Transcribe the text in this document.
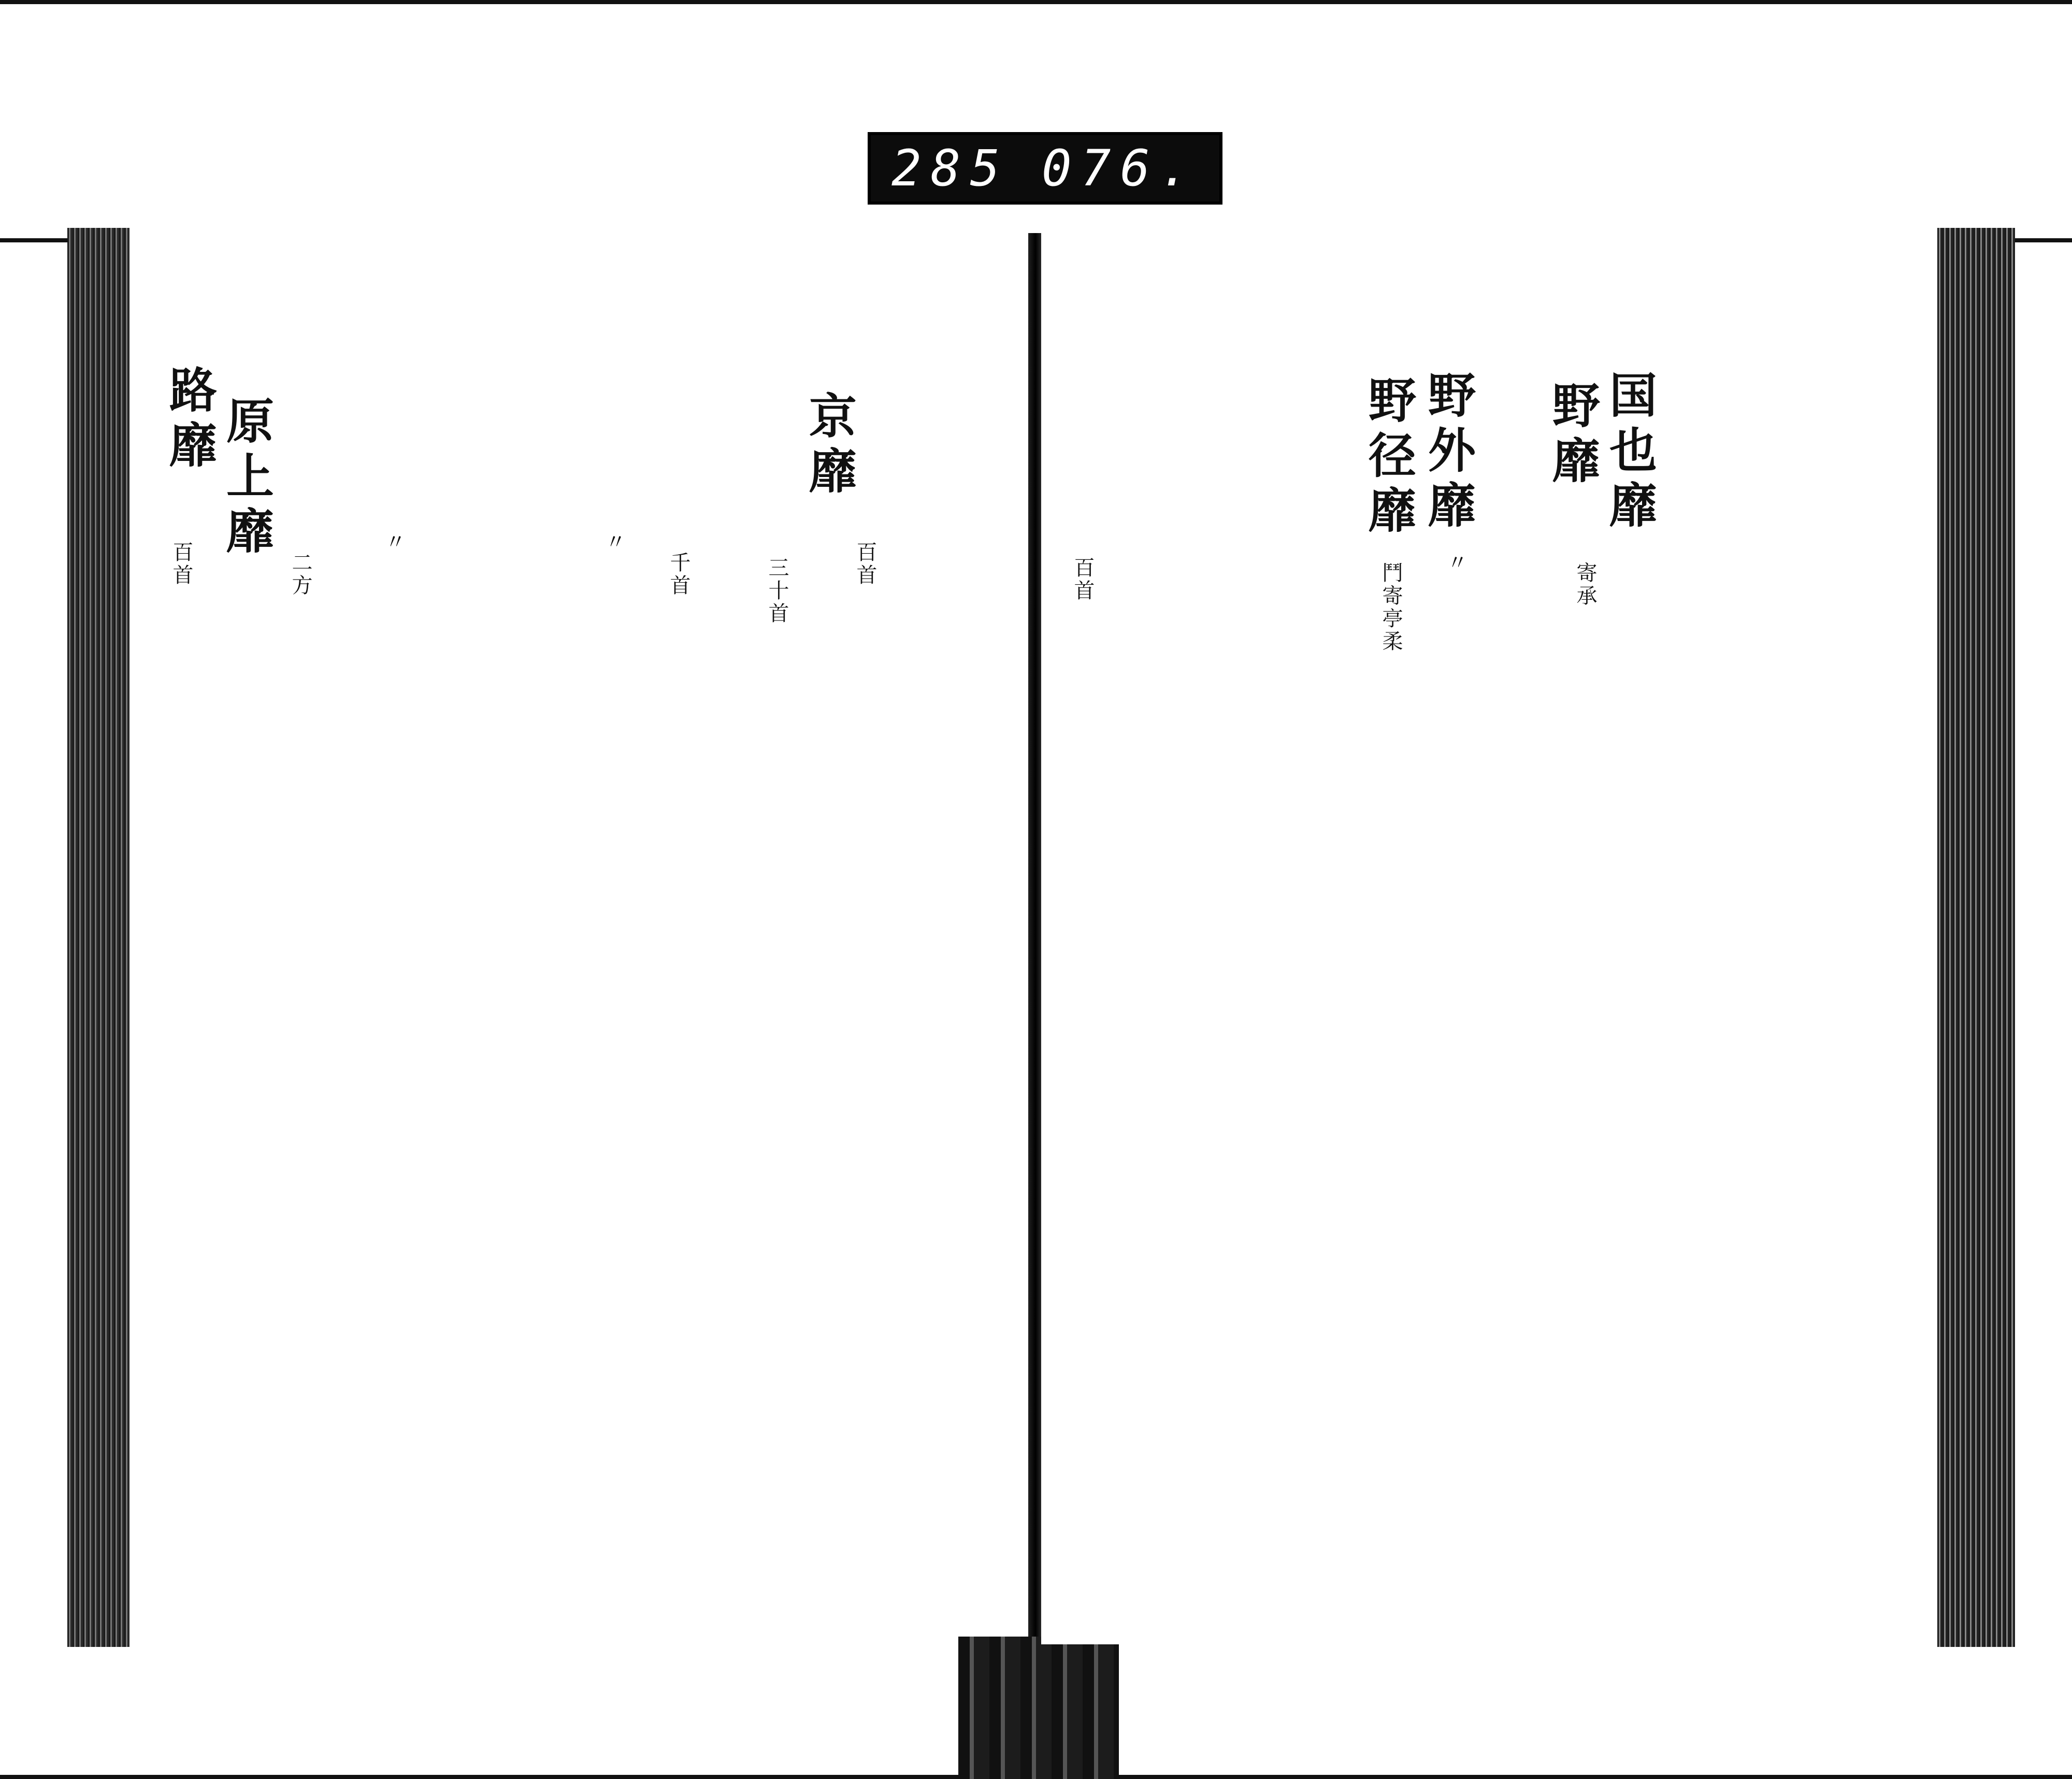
285 076.
京靡
原上靡
路靡
百首
三十首
千首
〃
〃
二方
百首	百首
国也靡
野靡
野外靡
野径靡
寄承
〃
鬥寄亭柔
